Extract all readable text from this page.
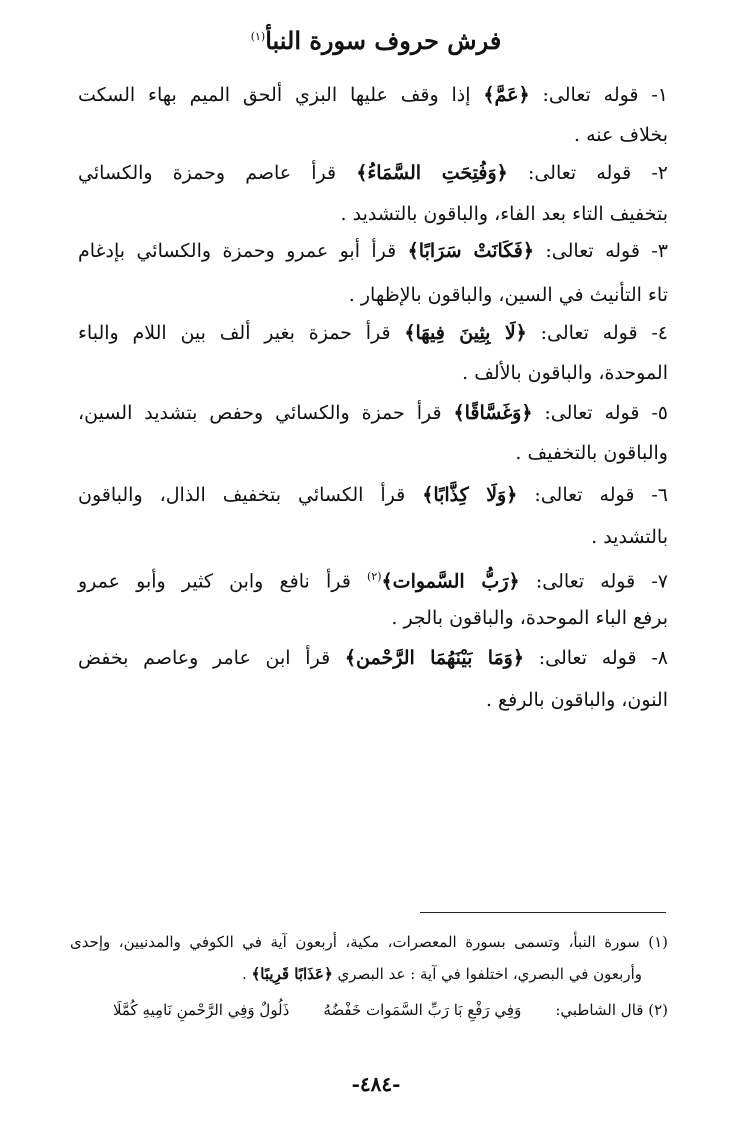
فرش حروف سورة النبأ$^{(١)}$
١- قوله تعالى: ﴿عَمَّ﴾ إذا وقف عليها البزي ألحق الميم بهاء السكت
بخلاف عنه .
٢- قوله تعالى: ﴿وَفُتِحَتِ السَّمَاءُ﴾ قرأ عاصم وحمزة والكسائي
بتخفيف التاء بعد الفاء، والباقون بالتشديد .
٣- قوله تعالى: ﴿فَكَانَتْ سَرَابًا﴾ قرأ أبو عمرو وحمزة والكسائي بإدغام
تاء التأنيث في السين، والباقون بالإظهار .
٤- قوله تعالى: ﴿لَا بِثِينَ فِيهَا﴾ قرأ حمزة بغير ألف بين اللام والباء
الموحدة، والباقون بالألف .
٥- قوله تعالى: ﴿وَغَسَّاقًا﴾ قرأ حمزة والكسائي وحفص بتشديد السين،
والباقون بالتخفيف .
٦- قوله تعالى: ﴿وَلَا كِذَّابًا﴾ قرأ الكسائي بتخفيف الذال، والباقون
بالتشديد .
٧- قوله تعالى: ﴿رَبُّ السَّموات﴾$^{(٢)}$ قرأ نافع وابن كثير وأبو عمرو
برفع الباء الموحدة، والباقون بالجر .
٨- قوله تعالى: ﴿وَمَا بَيْنَهُمَا الرَّحْمن﴾ قرأ ابن عامر وعاصم بخفض
النون، والباقون بالرفع .
(١) سورة النبأ، وتسمى بسورة المعصرات، مكية، أربعون آية في الكوفي والمدنيين، وإحدى
وأربعون في البصري، اختلفوا في آية : عد البصري ﴿عَذَابًا قَرِيبًا﴾ .
(٢) قال الشاطبي:وَفِي رَفْعِ بَا رَبِّ السَّمَوات خَفْضُهُذَلُولٌ وَفِي الرَّحْمنِ نَامِيهِ كُمَّلَا
-٤٨٤-
